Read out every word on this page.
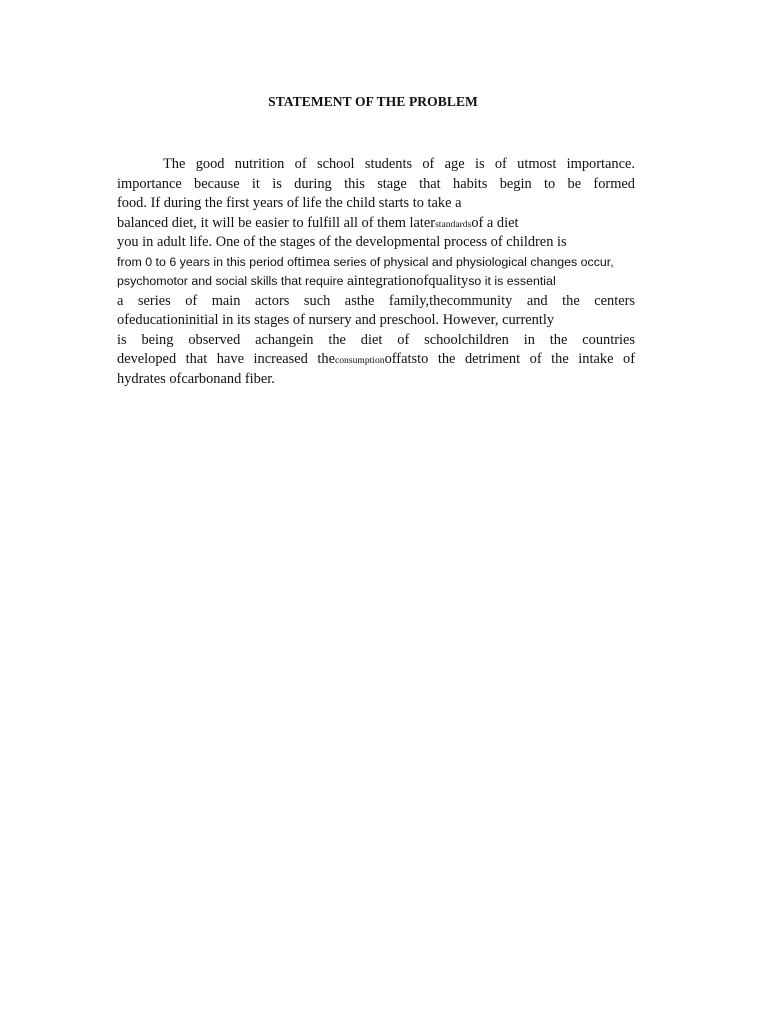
STATEMENT OF THE PROBLEM
The good nutrition of school students of age is of utmost importance.
importance because it is during this stage that habits begin to be formed
food. If during the first years of life the child starts to take a
balanced diet, it will be easier to fulfill all of them laterstandardsof a diet
you in adult life. One of the stages of the developmental process of children is
from 0 to 6 years in this period oftimea series of physical and physiological changes occur,
psychomotor and social skills that require aintegrationofqualityso it is essential
a series of main actors such asthe family,thecommunity and the centers
ofeducationinitial in its stages of nursery and preschool. However, currently
is being observed achangein the diet of schoolchildren in the countries
developed that have increased theconsumptionoffatsto the detriment of the intake of
hydrates ofcarbonand fiber.
